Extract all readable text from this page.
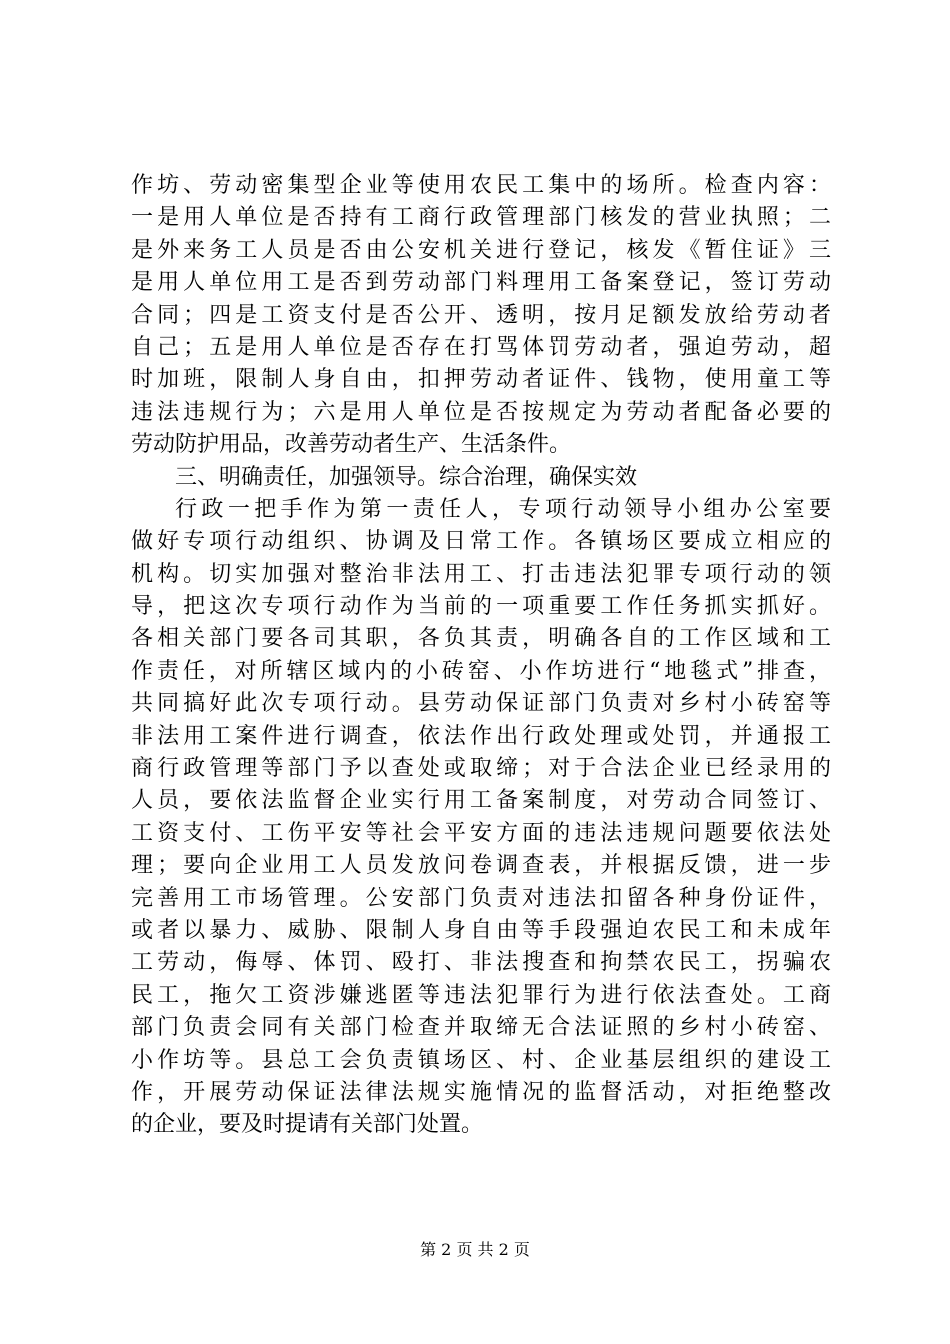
作坊、劳动密集型企业等使用农民工集中的场所。检查内容：
一是用人单位是否持有工商行政管理部门核发的营业执照；二
是外来务工人员是否由公安机关进行登记，核发《暂住证》三
是用人单位用工是否到劳动部门料理用工备案登记，签订劳动
合同；四是工资支付是否公开、透明，按月足额发放给劳动者
自己；五是用人单位是否存在打骂体罚劳动者，强迫劳动，超
时加班，限制人身自由，扣押劳动者证件、钱物，使用童工等
违法违规行为；六是用人单位是否按规定为劳动者配备必要的
劳动防护用品，改善劳动者生产、生活条件。
三、明确责任，加强领导。综合治理，确保实效
行政一把手作为第一责任人，专项行动领导小组办公室要
做好专项行动组织、协调及日常工作。各镇场区要成立相应的
机构。切实加强对整治非法用工、打击违法犯罪专项行动的领
导，把这次专项行动作为当前的一项重要工作任务抓实抓好。
各相关部门要各司其职，各负其责，明确各自的工作区域和工
作责任，对所辖区域内的小砖窑、小作坊进行“地毯式”排查，
共同搞好此次专项行动。县劳动保证部门负责对乡村小砖窑等
非法用工案件进行调查，依法作出行政处理或处罚，并通报工
商行政管理等部门予以查处或取缔；对于合法企业已经录用的
人员，要依法监督企业实行用工备案制度，对劳动合同签订、
工资支付、工伤平安等社会平安方面的违法违规问题要依法处
理；要向企业用工人员发放问卷调查表，并根据反馈，进一步
完善用工市场管理。公安部门负责对违法扣留各种身份证件，
或者以暴力、威胁、限制人身自由等手段强迫农民工和未成年
工劳动，侮辱、体罚、殴打、非法搜查和拘禁农民工，拐骗农
民工，拖欠工资涉嫌逃匿等违法犯罪行为进行依法查处。工商
部门负责会同有关部门检查并取缔无合法证照的乡村小砖窑、
小作坊等。县总工会负责镇场区、村、企业基层组织的建设工
作，开展劳动保证法律法规实施情况的监督活动，对拒绝整改
的企业，要及时提请有关部门处置。
第 2 页 共 2 页
